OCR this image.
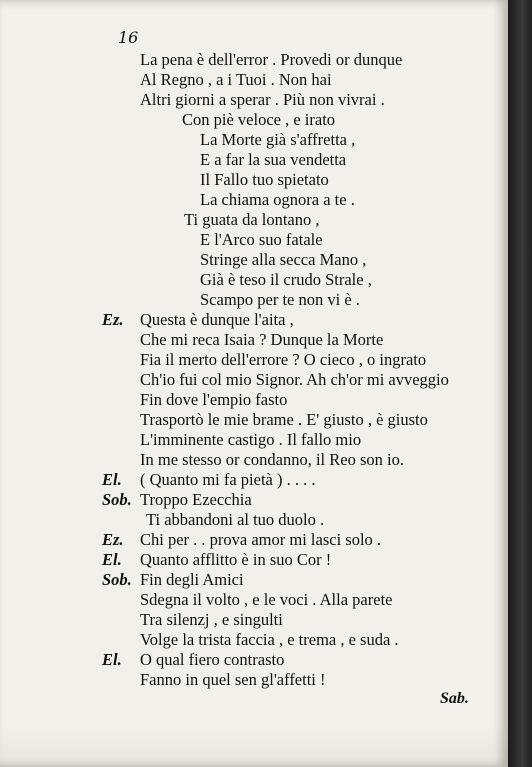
16
La pena è dell'error . Provedi or dunque
Al Regno , a i Tuoi . Non hai
Altri giorni a sperar . Più non vivrai .
Con piè veloce , e irato
La Morte già s'affretta ,
E a far la sua vendetta
Il Fallo tuo spietato
La chiama ognora a te .
Ti guata da lontano ,
E l'Arco suo fatale
Stringe alla secca Mano ,
Già è teso il crudo Strale ,
Scampo per te non vi è .
Ez. Questa è dunque l'aita ,
Che mi reca Isaia ? Dunque la Morte
Fia il merto dell'errore ? O cieco , o ingrato
Ch'io fui col mio Signor. Ah ch'or mi avveggio
Fin dove l'empio fasto
Trasportò le mie brame . E' giusto , è giusto
L'imminente castigo . Il fallo mio
In me stesso or condanno, il Reo son io.
El. ( Quanto mi fa pietà ) . . . .
Sob. Troppo Ezecchia
Ti abbandoni al tuo duolo .
Ez. Chi per . . prova amor mi lasci solo .
El. Quanto afflitto è in suo Cor !
Sob. Fin degli Amici
Sdegna il volto , e le voci . Alla parete
Tra silenzj , e singulti
Volge la trista faccia , e trema , e suda .
El. O qual fiero contrasto
Fanno in quel sen gl'affetti !
Sab.
